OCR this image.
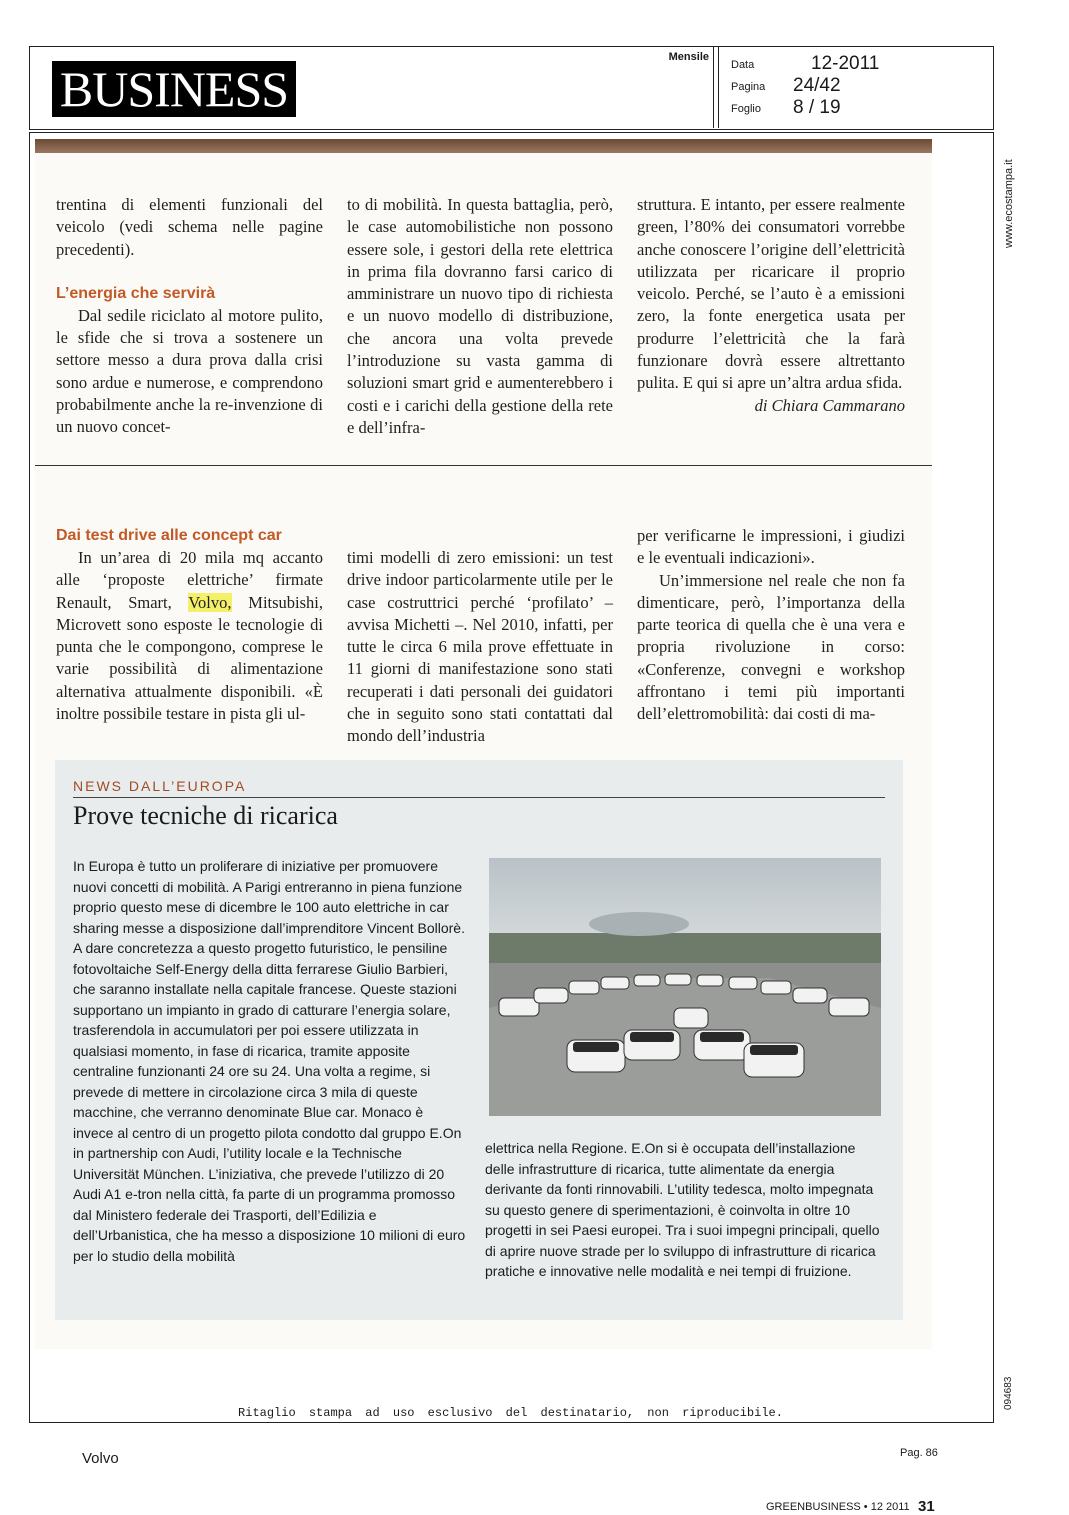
BUSINESS
Mensile
Data	12-2011
Pagina	24/42
Foglio	8 / 19
www.ecostampa.it
094683

trentina di elementi funzionali del veicolo (vedi schema nelle pagine precedenti).

L’energia che servirà

Dal sedile riciclato al motore pulito, le sfide che si trova a sostenere un settore messo a dura prova dalla crisi sono ardue e numerose, e comprendono probabilmente anche la re-invenzione di un nuovo concet-

to di mobilità. In questa battaglia, però, le case automobilistiche non possono essere sole, i gestori della rete elettrica in prima fila dovranno farsi carico di amministrare un nuovo tipo di richiesta e un nuovo modello di distribuzione, che ancora una volta prevede l’introduzione su vasta gamma di soluzioni smart grid e aumenterebbero i costi e i carichi della gestione della rete e dell’infra-

struttura. E intanto, per essere realmente green, l’80% dei consumatori vorrebbe anche conoscere l’origine dell’elettricità utilizzata per ricaricare il proprio veicolo. Perché, se l’auto è a emissioni zero, la fonte energetica usata per produrre l’elettricità che la farà funzionare dovrà essere altrettanto pulita. E qui si apre un’altra ardua sfida.

di Chiara Cammarano

Dai test drive alle concept car

In un’area di 20 mila mq accanto alle ‘proposte elettriche’ firmate Renault, Smart, Volvo, Mitsubishi, Microvett sono esposte le tecnologie di punta che le compongono, comprese le varie possibilità di alimentazione alternativa attualmente disponibili. «È inoltre possibile testare in pista gli ul-

timi modelli di zero emissioni: un test drive indoor particolarmente utile per le case costruttrici perché ‘profilato’ – avvisa Michetti –. Nel 2010, infatti, per tutte le circa 6 mila prove effettuate in 11 giorni di manifestazione sono stati recuperati i dati personali dei guidatori che in seguito sono stati contattati dal mondo dell’industria

per verificarne le impressioni, i giudizi e le eventuali indicazioni».

Un’immersione nel reale che non fa dimenticare, però, l’importanza della parte teorica di quella che è una vera e propria rivoluzione in corso: «Conferenze, convegni e workshop affrontano i temi più importanti dell’elettromobilità: dai costi di ma-

GREENBUSINESS • 12 2011 31
NEWS DALL’EUROPA
Prove tecniche di ricarica
In Europa è tutto un proliferare di iniziative per promuovere nuovi concetti di mobilità. A Parigi entreranno in piena funzione proprio questo mese di dicembre le 100 auto elettriche in car sharing messe a disposizione dall’imprenditore Vincent Bollorè. A dare concretezza a questo progetto futuristico, le pensiline fotovoltaiche Self-Energy della ditta ferrarese Giulio Barbieri, che saranno installate nella capitale francese. Queste stazioni supportano un impianto in grado di catturare l’energia solare, trasferendola in accumulatori per poi essere utilizzata in qualsiasi momento, in fase di ricarica, tramite apposite centraline funzionanti 24 ore su 24. Una volta a regime, si prevede di mettere in circolazione circa 3 mila di queste macchine, che verranno denominate Blue car. Monaco è invece al centro di un progetto pilota condotto dal gruppo E.On in partnership con Audi, l’utility locale e la Technische Universität München. L’iniziativa, che prevede l’utilizzo di 20 Audi A1 e-tron nella città, fa parte di un programma promosso dal Ministero federale dei Trasporti, dell’Edilizia e dell’Urbanistica, che ha messo a disposizione 10 milioni di euro per lo studio della mobilità
elettrica nella Regione. E.On si è occupata dell’installazione delle infrastrutture di ricarica, tutte alimentate da energia derivante da fonti rinnovabili. L’utility tedesca, molto impegnata su questo genere di sperimentazioni, è coinvolta in oltre 10 progetti in sei Paesi europei. Tra i suoi impegni principali, quello di aprire nuove strade per lo sviluppo di infrastrutture di ricarica pratiche e innovative nelle modalità e nei tempi di fruizione.
Ritaglio stampa ad uso esclusivo del destinatario, non riproducibile.
Volvo	Pag. 86
